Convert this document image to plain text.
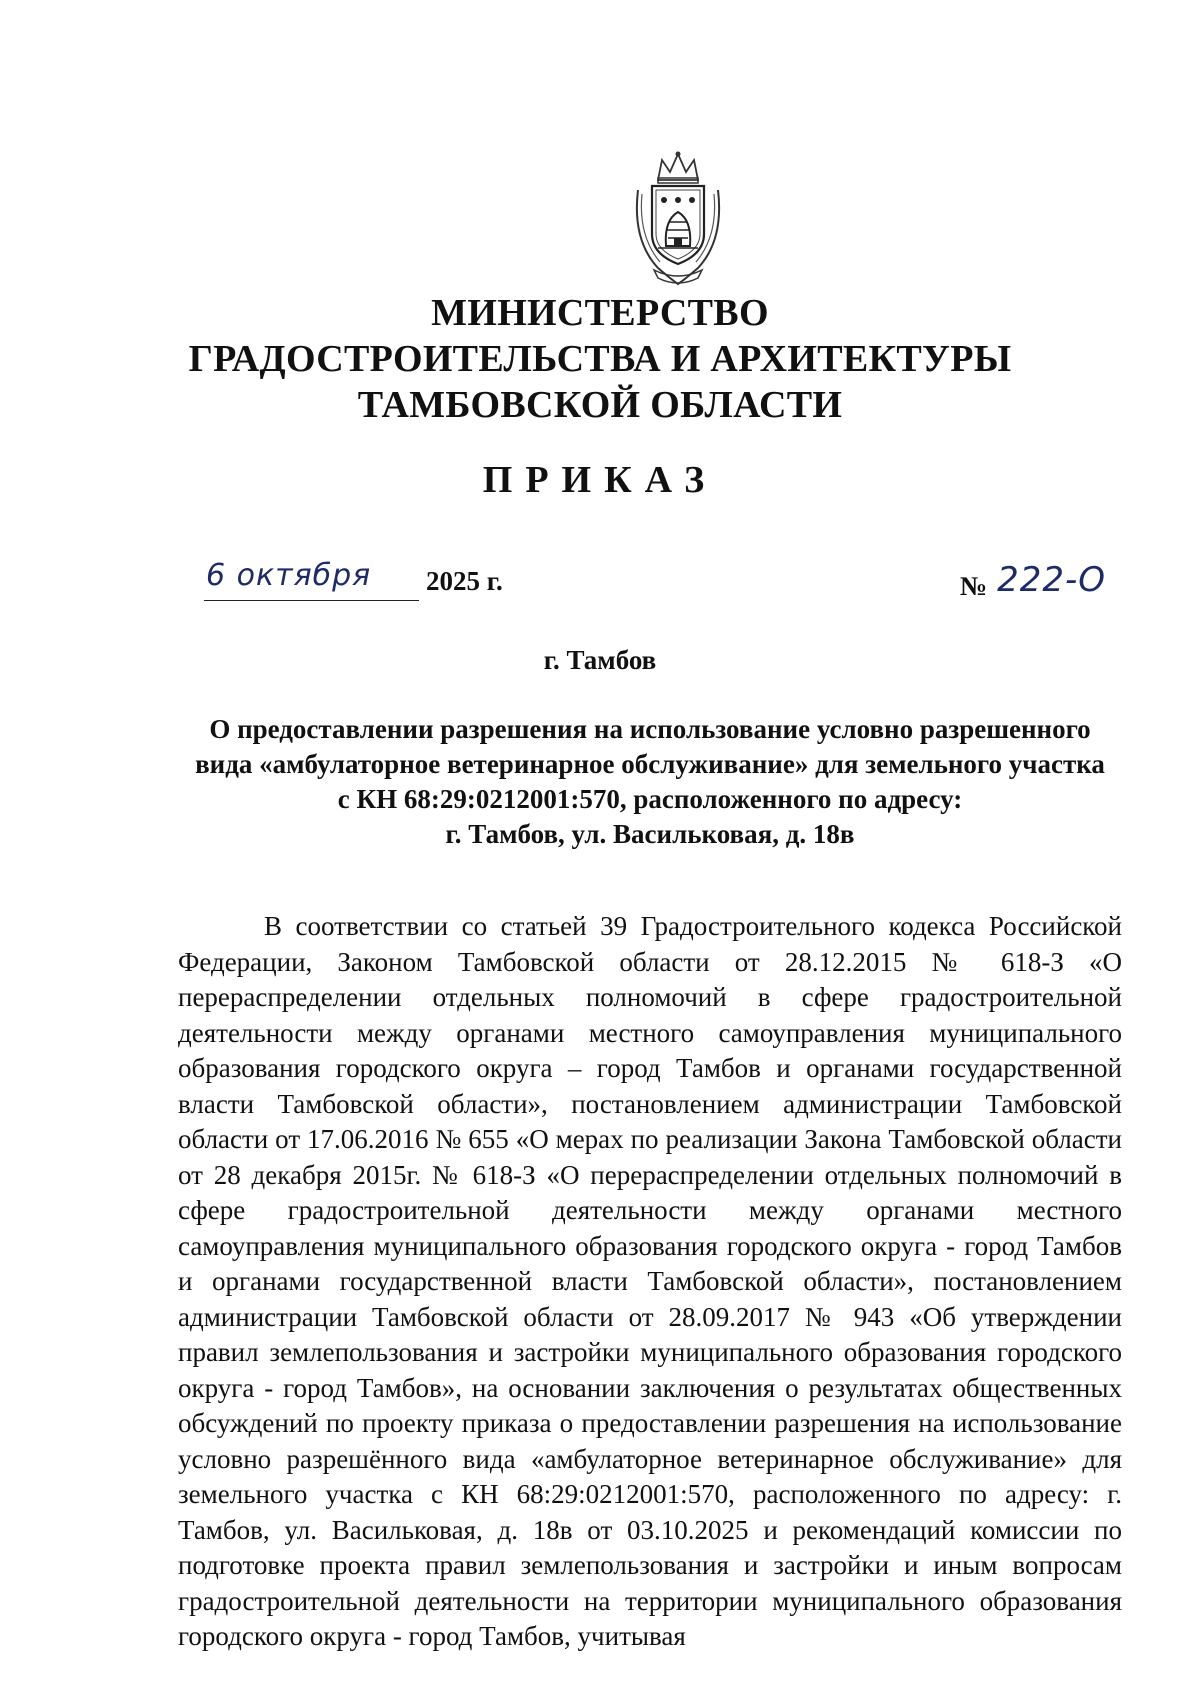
МИНИСТЕРСТВО
ГРАДОСТРОИТЕЛЬСТВА И АРХИТЕКТУРЫ
ТАМБОВСКОЙ ОБЛАСТИ
ПРИКАЗ
6 октября 2025 г.	№ 222-О
г. Тамбов
О предоставлении разрешения на использование условно разрешенного
вида «амбулаторное ветеринарное обслуживание» для земельного участка
с КН 68:29:0212001:570, расположенного по адресу:
г. Тамбов, ул. Васильковая, д. 18в

В соответствии со статьей 39 Градостроительного кодекса Российской Федерации, Законом Тамбовской области от 28.12.2015 № 618-З «О перераспределении отдельных полномочий в сфере градостроительной деятельности между органами местного самоуправления муниципального образования городского округа – город Тамбов и органами государственной власти Тамбовской области», постановлением администрации Тамбовской области от 17.06.2016 № 655 «О мерах по реализации Закона Тамбовской области от 28 декабря 2015г. № 618-З «О перераспределении отдельных полномочий в сфере градостроительной деятельности между органами местного самоуправления муниципального образования городского округа - город Тамбов и органами государственной власти Тамбовской области», постановлением администрации Тамбовской области от 28.09.2017 № 943 «Об утверждении правил землепользования и застройки муниципального образования городского округа - город Тамбов», на основании заключения о результатах общественных обсуждений по проекту приказа о предоставлении разрешения на использование условно разрешённого вида «амбулаторное ветеринарное обслуживание» для земельного участка с КН 68:29:0212001:570, расположенного по адресу: г. Тамбов, ул. Васильковая, д. 18в от 03.10.2025 и рекомендаций комиссии по подготовке проекта правил землепользования и застройки и иным вопросам градостроительной деятельности на территории муниципального образования городского округа - город Тамбов, учитывая
